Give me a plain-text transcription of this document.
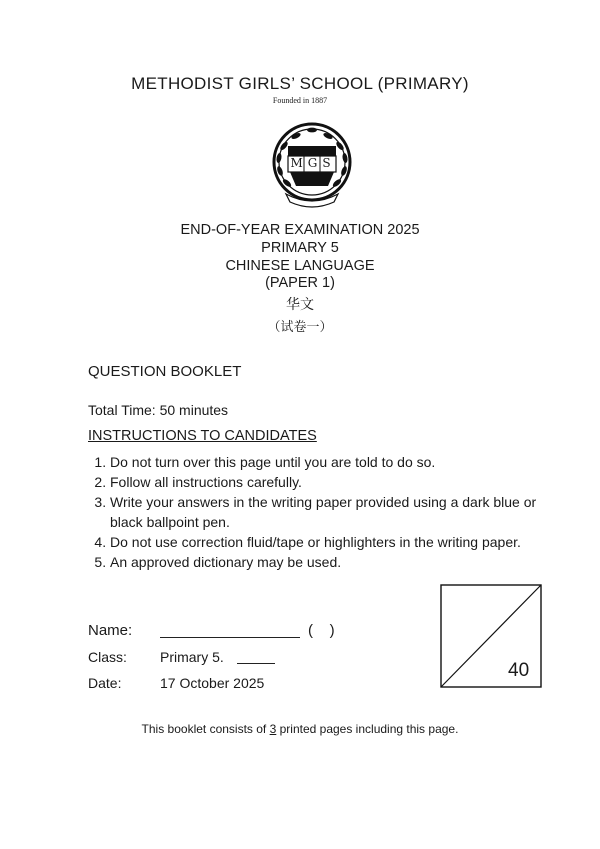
METHODIST GIRLS’ SCHOOL (PRIMARY)
Founded in 1887
MGS
END-OF-YEAR EXAMINATION 2025
PRIMARY 5
CHINESE LANGUAGE
(PAPER 1)
华文
（试卷一）
QUESTION BOOKLET
Total Time: 50 minutes
INSTRUCTIONS TO CANDIDATES
1. Do not turn over this page until you are told to do so.
2. Follow all instructions carefully.
3. Write your answers in the writing paper provided using a dark blue or black ballpoint pen.
4. Do not use correction fluid/tape or highlighters in the writing paper.
5. An approved dictionary may be used.
Name:	(    )
Class: Primary 5.
Date:	17 October 2025
40
This booklet consists of 3 printed pages including this page.
